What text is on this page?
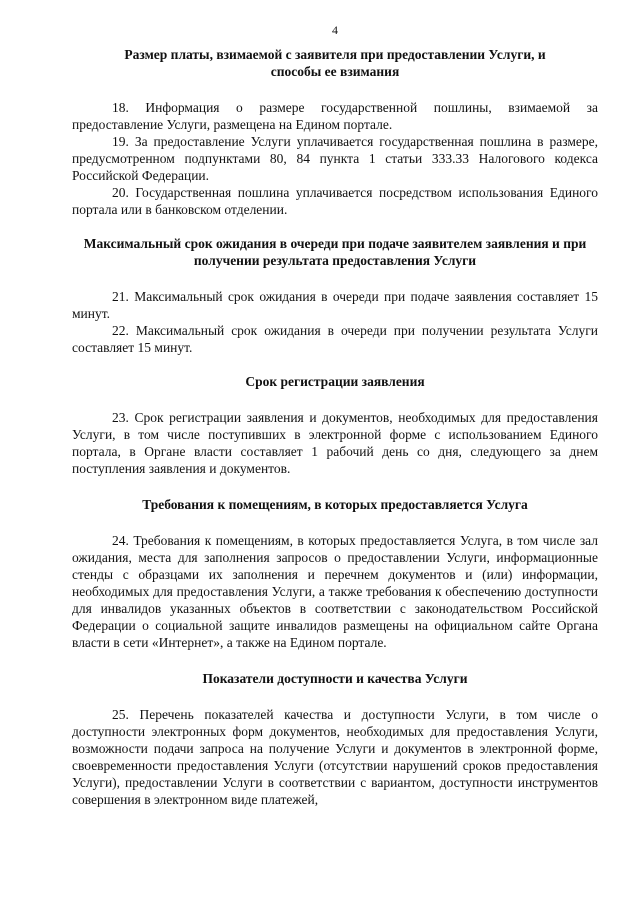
4
Размер платы, взимаемой с заявителя при предоставлении Услуги, и способы ее взимания

18. Информация о размере государственной пошлины, взимаемой за предоставление Услуги, размещена на Едином портале.

19. За предоставление Услуги уплачивается государственная пошлина в размере, предусмотренном подпунктами 80, 84 пункта 1 статьи 333.33 Налогового кодекса Российской Федерации.

20. Государственная пошлина уплачивается посредством использования Единого портала или в банковском отделении.

Максимальный срок ожидания в очереди при подаче заявителем заявления и при получении результата предоставления Услуги

21. Максимальный срок ожидания в очереди при подаче заявления составляет 15 минут.

22. Максимальный срок ожидания в очереди при получении результата Услуги составляет 15 минут.

Срок регистрации заявления

23. Срок регистрации заявления и документов, необходимых для предоставления Услуги, в том числе поступивших в электронной форме с использованием Единого портала, в Органе власти составляет 1 рабочий день со дня, следующего за днем поступления заявления и документов.

Требования к помещениям, в которых предоставляется Услуга

24. Требования к помещениям, в которых предоставляется Услуга, в том числе зал ожидания, места для заполнения запросов о предоставлении Услуги, информационные стенды с образцами их заполнения и перечнем документов и (или) информации, необходимых для предоставления Услуги, а также требования к обеспечению доступности для инвалидов указанных объектов в соответствии с законодательством Российской Федерации о социальной защите инвалидов размещены на официальном сайте Органа власти в сети «Интернет», а также на Едином портале.

Показатели доступности и качества Услуги

25. Перечень показателей качества и доступности Услуги, в том числе о доступности электронных форм документов, необходимых для предоставления Услуги, возможности подачи запроса на получение Услуги и документов в электронной форме, своевременности предоставления Услуги (отсутствии нарушений сроков предоставления Услуги), предоставлении Услуги в соответствии с вариантом, доступности инструментов совершения в электронном виде платежей,
